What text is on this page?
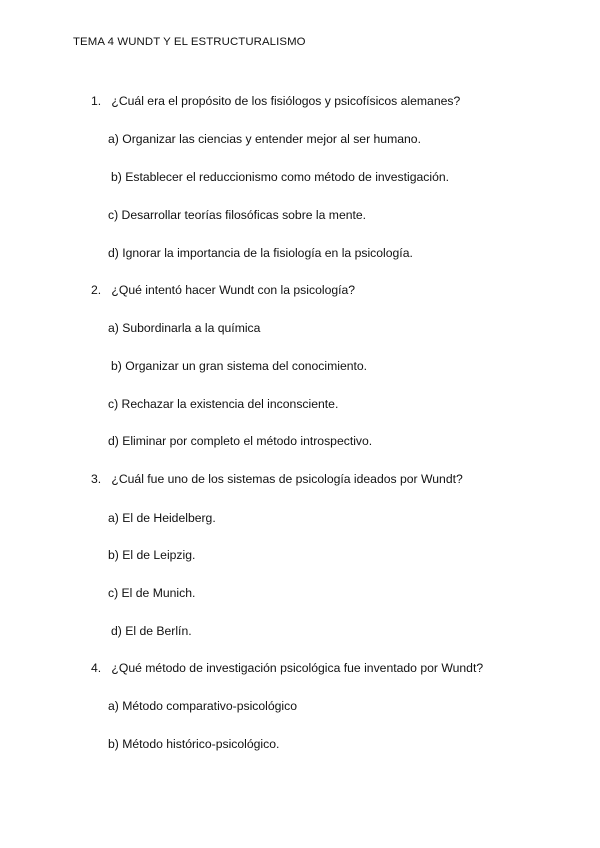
TEMA 4 WUNDT Y EL ESTRUCTURALISMO
1. ¿Cuál era el propósito de los fisiólogos y psicofísicos alemanes?
a) Organizar las ciencias y entender mejor al ser humano.
b) Establecer el reduccionismo como método de investigación.
c) Desarrollar teorías filosóficas sobre la mente.
d) Ignorar la importancia de la fisiología en la psicología.
2. ¿Qué intentó hacer Wundt con la psicología?
a) Subordinarla a la química
b) Organizar un gran sistema del conocimiento.
c) Rechazar la existencia del inconsciente.
d) Eliminar por completo el método introspectivo.
3. ¿Cuál fue uno de los sistemas de psicología ideados por Wundt?
a) El de Heidelberg.
b) El de Leipzig.
c) El de Munich.
d) El de Berlín.
4. ¿Qué método de investigación psicológica fue inventado por Wundt?
a) Método comparativo-psicológico
b) Método histórico-psicológico.
